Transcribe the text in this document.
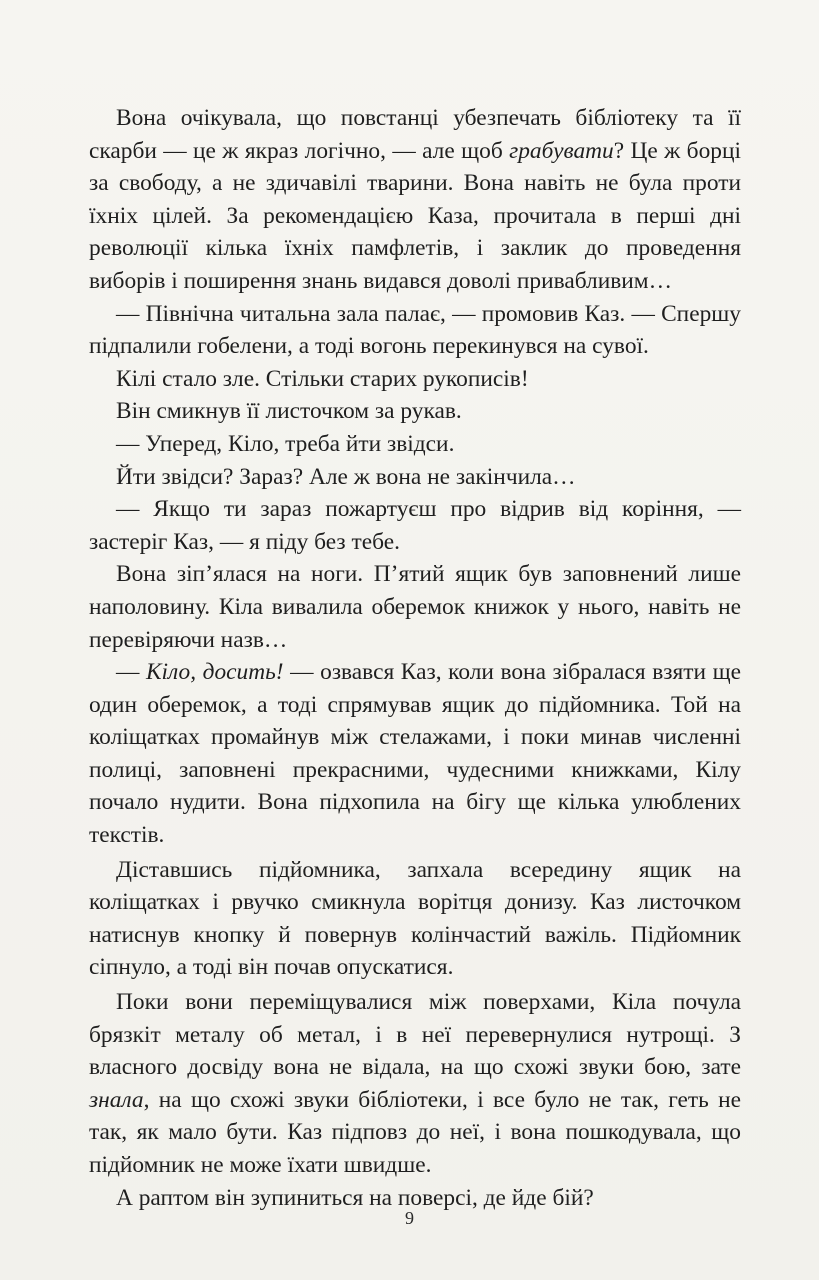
Вона очікувала, що повстанці убезпечать бібліотеку та її скарби — це ж якраз логічно, — але щоб грабувати? Це ж борці за свободу, а не здичавілі тварини. Вона навіть не була проти їхніх цілей. За рекомендацією Каза, прочитала в перші дні революції кілька їхніх памфлетів, і заклик до проведення виборів і поширення знань видався доволі привабливим…

— Північна читальна зала палає, — промовив Каз. — Спершу підпалили гобелени, а тоді вогонь перекинувся на сувої.

Кілі стало зле. Стільки старих рукописів!

Він смикнув її листочком за рукав.

— Уперед, Кіло, треба йти звідси.

Йти звідси? Зараз? Але ж вона не закінчила…

— Якщо ти зараз пожартуєш про відрив від коріння, — застеріг Каз, — я піду без тебе.

Вона зіп’ялася на ноги. П’ятий ящик був заповнений лише наполовину. Кіла вивалила оберемок книжок у нього, навіть не перевіряючи назв…

— Кіло, досить! — озвався Каз, коли вона зібралася взяти ще один оберемок, а тоді спрямував ящик до підйомника. Той на коліщатках промайнув між стелажами, і поки минав численні полиці, заповнені прекрасними, чудесними книжками, Кілу почало нудити. Вона підхопила на бігу ще кілька улюблених текстів.

Діставшись підйомника, запхала всередину ящик на коліщатках і рвучко смикнула ворітця донизу. Каз листочком натиснув кнопку й повернув колінчастий важіль. Підйомник сіпнуло, а тоді він почав опускатися.

Поки вони переміщувалися між поверхами, Кіла почула брязкіт металу об метал, і в неї перевернулися нутрощі. З власного досвіду вона не відала, на що схожі звуки бою, зате знала, на що схожі звуки бібліотеки, і все було не так, геть не так, як мало бути. Каз підповз до неї, і вона пошкодувала, що підйомник не може їхати швидше.

А раптом він зупиниться на поверсі, де йде бій?

9
